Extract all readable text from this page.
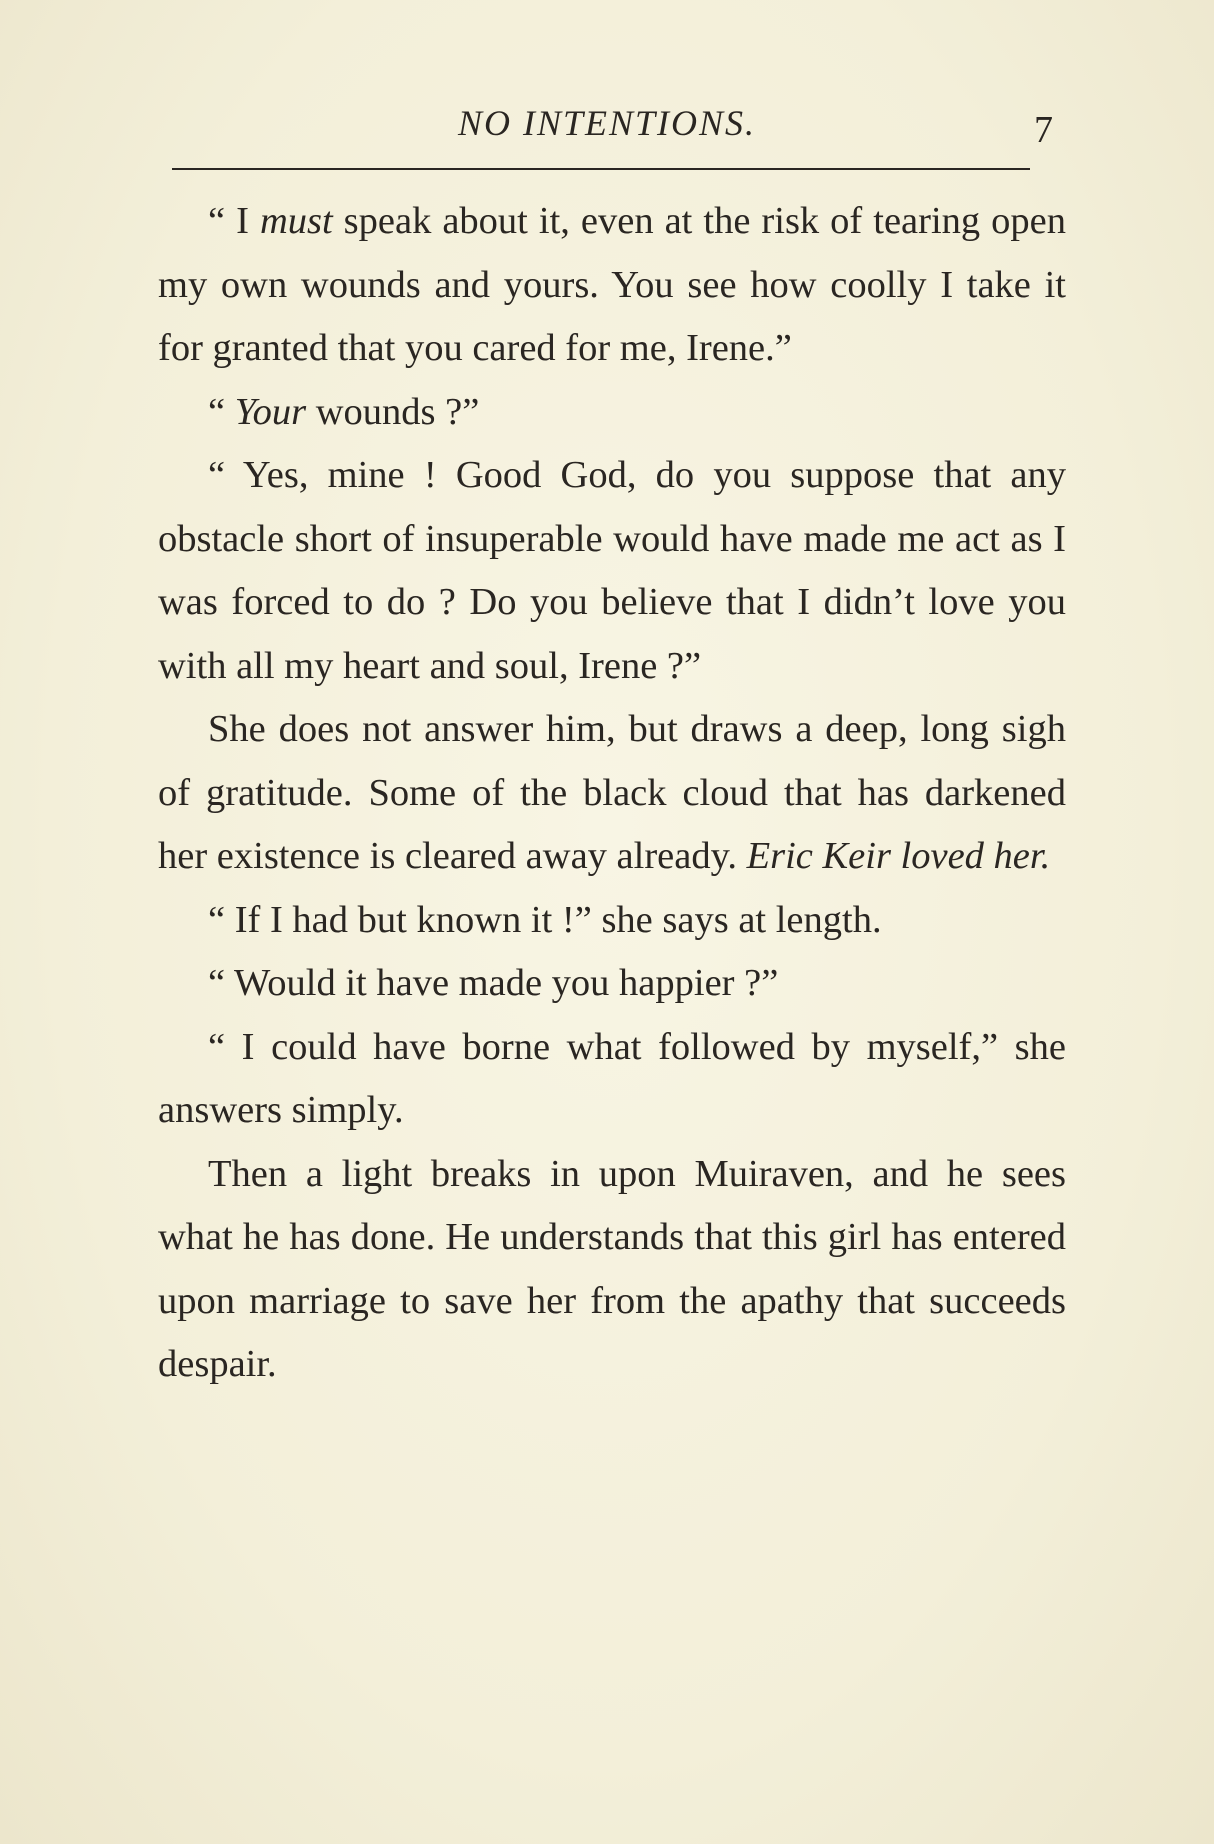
NO INTENTIONS.	7

“ I must speak about it, even at the risk of tearing open my own wounds and yours. You see how coolly I take it for granted that you cared for me, Irene.”

“ Your wounds ?”

“ Yes, mine ! Good God, do you suppose that any obstacle short of insuperable would have made me act as I was forced to do ? Do you believe that I didn’t love you with all my heart and soul, Irene ?”

She does not answer him, but draws a deep, long sigh of gratitude. Some of the black cloud that has darkened her existence is cleared away already. Eric Keir loved her.

“ If I had but known it !” she says at length.

“ Would it have made you happier ?”

“ I could have borne what followed by myself,” she answers simply.

Then a light breaks in upon Muiraven, and he sees what he has done. He understands that this girl has entered upon marriage to save her from the apathy that succeeds despair.
